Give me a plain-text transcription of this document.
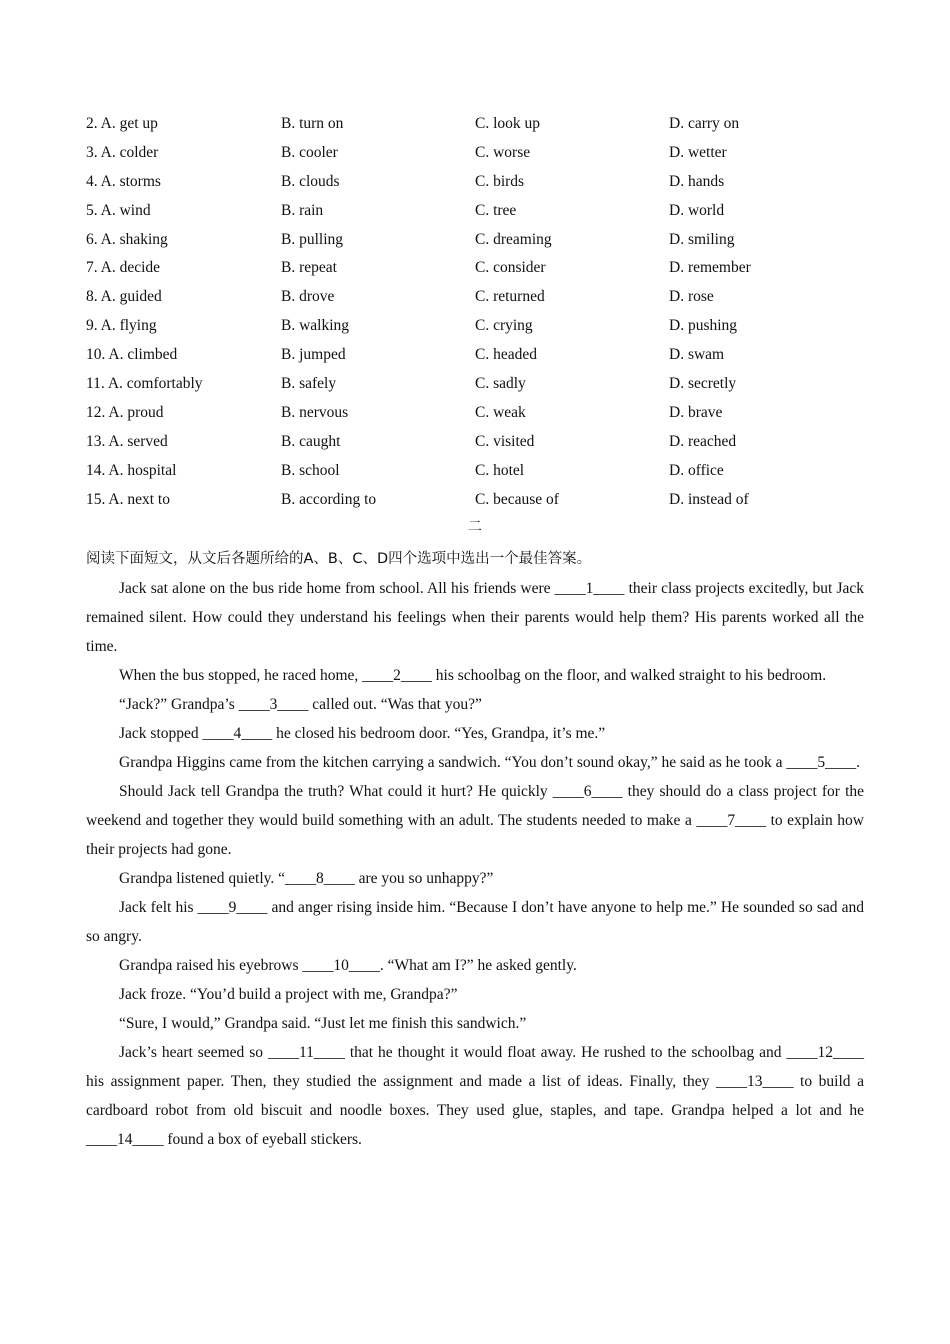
2. A. get up	B. turn on	C. look up	D. carry on
3. A. colder	B. cooler	C. worse	D. wetter
4. A. storms	B. clouds	C. birds	D. hands
5. A. wind	B. rain	C. tree	D. world
6. A. shaking	B. pulling	C. dreaming	D. smiling
7. A. decide	B. repeat	C. consider	D. remember
8. A. guided	B. drove	C. returned	D. rose
9. A. flying	B. walking	C. crying	D. pushing
10. A. climbed	B. jumped	C. headed	D. swam
11. A. comfortably	B. safely	C. sadly	D. secretly
12. A. proud	B. nervous	C. weak	D. brave
13. A. served	B. caught	C. visited	D. reached
14. A. hospital	B. school	C. hotel	D. office
15. A. next to	B. according to	C. because of	D. instead of
二
阅读下面短文，从文后各题所给的A、B、C、D四个选项中选出一个最佳答案。

Jack sat alone on the bus ride home from school. All his friends were ____1____ their class projects excitedly, but Jack remained silent. How could they understand his feelings when their parents would help them? His parents worked all the time.

When the bus stopped, he raced home, ____2____ his schoolbag on the floor, and walked straight to his bedroom.

“Jack?” Grandpa’s ____3____ called out. “Was that you?”

Jack stopped ____4____ he closed his bedroom door. “Yes, Grandpa, it’s me.”

Grandpa Higgins came from the kitchen carrying a sandwich. “You don’t sound okay,” he said as he took a ____5____.

Should Jack tell Grandpa the truth? What could it hurt? He quickly ____6____ they should do a class project for the weekend and together they would build something with an adult. The students needed to make a ____7____ to explain how their projects had gone.

Grandpa listened quietly. “____8____ are you so unhappy?”

Jack felt his ____9____ and anger rising inside him. “Because I don’t have anyone to help me.” He sounded so sad and so angry.

Grandpa raised his eyebrows ____10____. “What am I?” he asked gently.

Jack froze. “You’d build a project with me, Grandpa?”

“Sure, I would,” Grandpa said. “Just let me finish this sandwich.”

Jack’s heart seemed so ____11____ that he thought it would float away. He rushed to the schoolbag and ____12____ his assignment paper. Then, they studied the assignment and made a list of ideas. Finally, they ____13____ to build a cardboard robot from old biscuit and noodle boxes. They used glue, staples, and tape. Grandpa helped a lot and he ____14____ found a box of eyeball stickers.
